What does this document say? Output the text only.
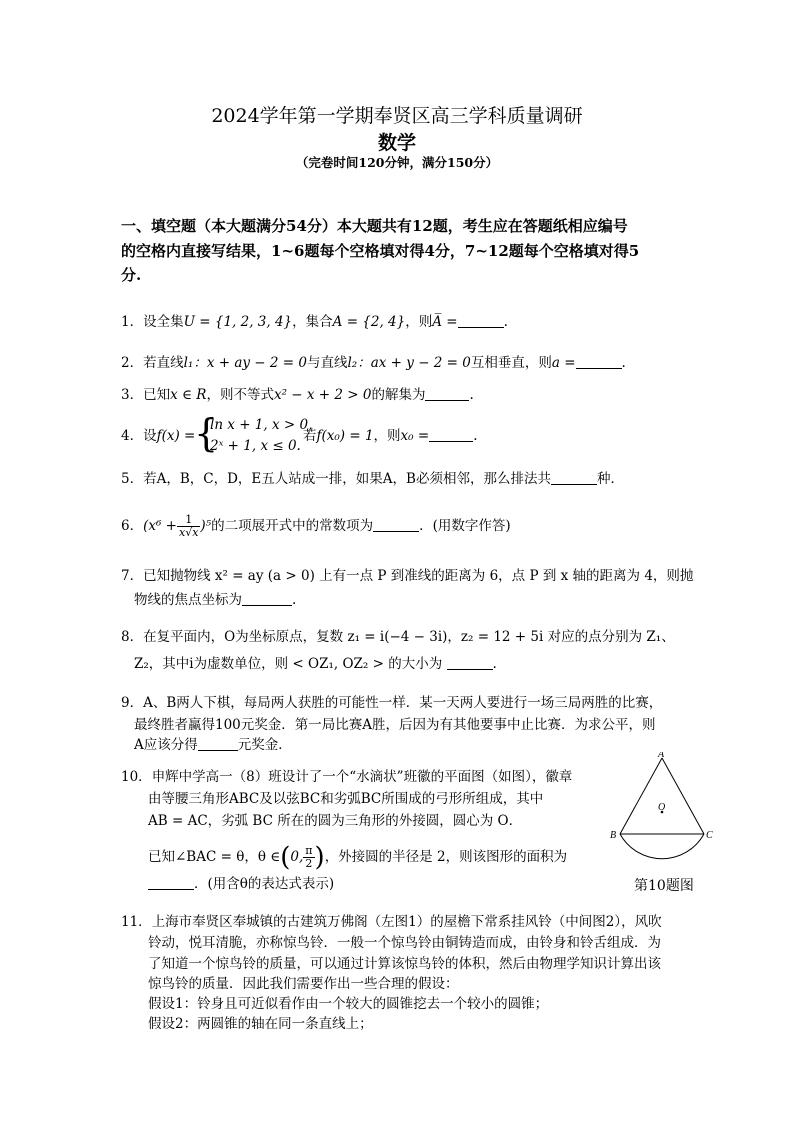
2024学年第一学期奉贤区高三学科质量调研
数学
（完卷时间120分钟，满分150分）
一、填空题（本大题满分54分）本大题共有12题，考生应在答题纸相应编号
的空格内直接写结果，1~6题每个空格填对得4分，7~12题每个空格填对得5
分.
1．设全集U = {1, 2, 3, 4}，集合A = {2, 4}，则A̅ =	.
2．若直线l₁：x + ay − 2 = 0与直线l₂：ax + y − 2 = 0互相垂直，则a =	.
3．已知x ∈ R，则不等式x² − x + 2 > 0的解集为	.
4．设f(x) =
{
ln x + 1, x > 0,
2ˣ + 1, x ≤ 0.
若f(x₀) = 1，则x₀ =	.
5．若A，B，C，D，E五人站成一排，如果A，B必须相邻，那么排法共	种．
6．$(x^6 + \frac{1}{x√x} )^5$的二项展开式中的常数项为	．(用数字作答)
7．已知抛物线 x² = ay (a > 0) 上有一点 P 到准线的距离为 6，点 P 到 x 轴的距离为 4，则抛
物线的焦点坐标为	.
8．在复平面内，O为坐标原点，复数 z₁ = i(−4 − 3i)，z₂ = 12 + 5i 对应的点分别为 Z₁、
Z₂，其中i为虚数单位，则 < OZ₁, OZ₂ > 的大小为	.
9．A、B两人下棋，每局两人获胜的可能性一样．某一天两人要进行一场三局两胜的比赛，
最终胜者赢得100元奖金．第一局比赛A胜，后因为有其他要事中止比赛．为求公平，则
A应该分得	元奖金．
10．申辉中学高一（8）班设计了一个“水滴状”班徽的平面图（如图），徽章
由等腰三角形ABC及以弦BC和劣弧BC所围成的弓形所组成，其中
AB = AC，劣弧 BC 所在的圆为三角形的外接圆，圆心为 O．
已知∠BAC = θ，θ ∈(0, $\frac{\pi}{2}$ )，外接圆的半径是 2，则该图形的面积为
．(用含θ的表达式表示)
A
B	C
O
第10题图
11．上海市奉贤区奉城镇的古建筑万佛阁（左图1）的屋檐下常系挂风铃（中间图2），风吹
铃动，悦耳清脆，亦称惊鸟铃．一般一个惊鸟铃由铜铸造而成，由铃身和铃舌组成．为
了知道一个惊鸟铃的质量，可以通过计算该惊鸟铃的体积，然后由物理学知识计算出该
惊鸟铃的质量．因此我们需要作出一些合理的假设：
假设1：铃身且可近似看作由一个较大的圆锥挖去一个较小的圆锥；
假设2：两圆锥的轴在同一条直线上；
